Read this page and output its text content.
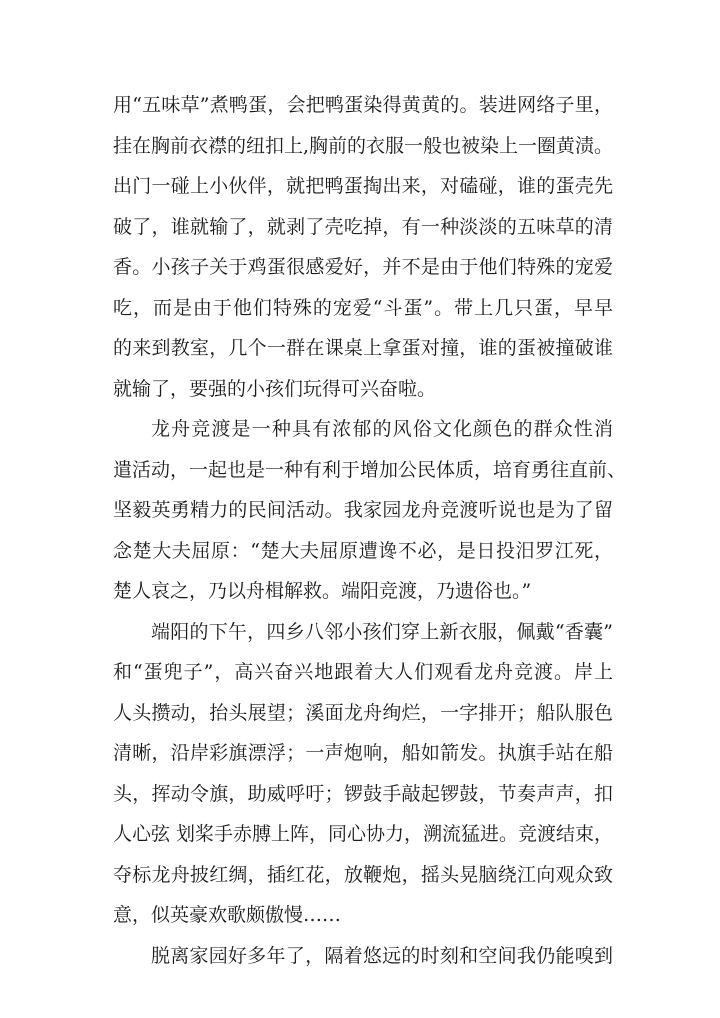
用“五味草”煮鸭蛋，会把鸭蛋染得黄黄的。装进网络子里，
挂在胸前衣襟的纽扣上,胸前的衣服一般也被染上一圈黄渍。
出门一碰上小伙伴，就把鸭蛋掏出来，对磕碰，谁的蛋壳先
破了，谁就输了，就剥了壳吃掉，有一种淡淡的五味草的清
香。小孩子关于鸡蛋很感爱好，并不是由于他们特殊的宠爱
吃，而是由于他们特殊的宠爱“斗蛋”。带上几只蛋，早早
的来到教室，几个一群在课桌上拿蛋对撞，谁的蛋被撞破谁
就输了，要强的小孩们玩得可兴奋啦。
龙舟竞渡是一种具有浓郁的风俗文化颜色的群众性消
遣活动，一起也是一种有利于增加公民体质，培育勇往直前、
坚毅英勇精力的民间活动。我家园龙舟竞渡听说也是为了留
念楚大夫屈原：“楚大夫屈原遭谗不必，是日投汨罗江死，
楚人哀之，乃以舟楫解救。端阳竞渡，乃遗俗也。”
端阳的下午，四乡八邻小孩们穿上新衣服，佩戴“香囊”
和“蛋兜子”，高兴奋兴地跟着大人们观看龙舟竞渡。岸上
人头攒动，抬头展望；溪面龙舟绚烂，一字排开；船队服色
清晰，沿岸彩旗漂浮；一声炮响，船如箭发。执旗手站在船
头，挥动令旗，助威呼吁；锣鼓手敲起锣鼓，节奏声声，扣
人心弦 划桨手赤膊上阵，同心协力，溯流猛进。竞渡结束，
夺标龙舟披红绸，插红花，放鞭炮，摇头晃脑绕江向观众致
意，似英豪欢歌颇傲慢……
脱离家园好多年了，隔着悠远的时刻和空间我仍能嗅到
